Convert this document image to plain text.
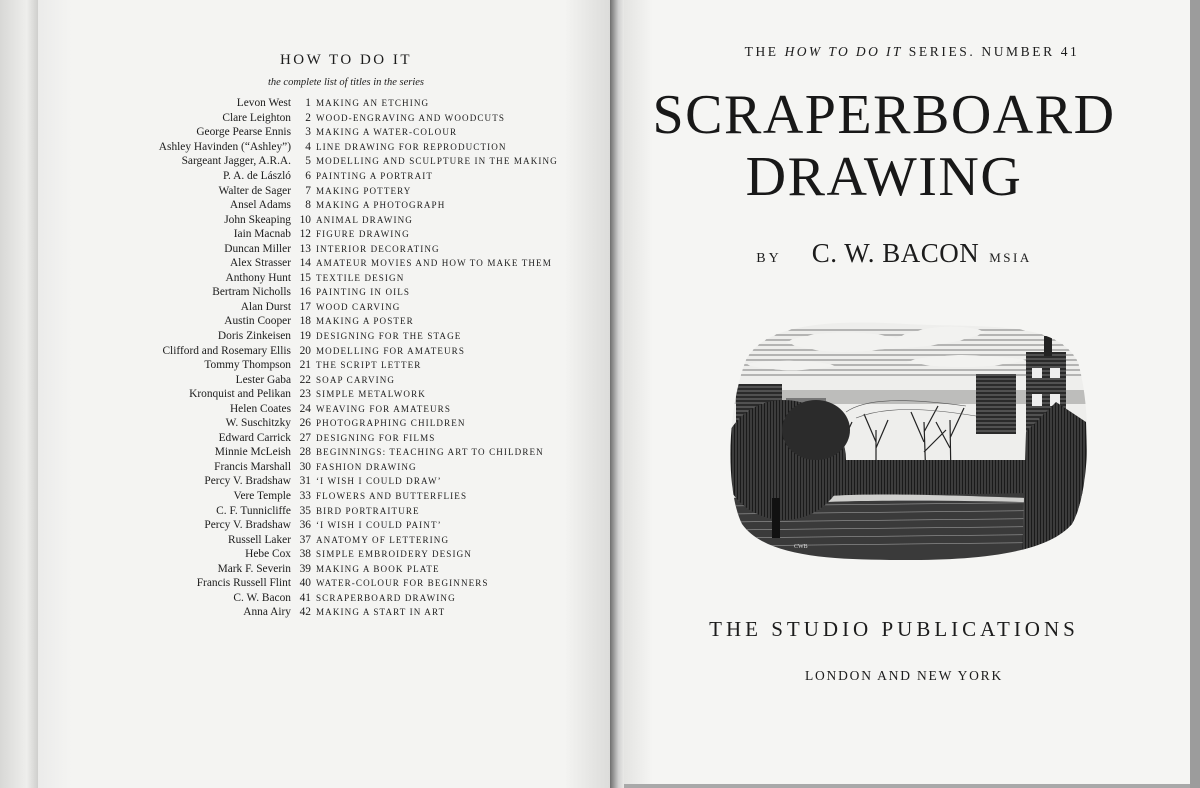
HOW TO DO IT
the complete list of titles in the series
Levon West	1 MAKING AN ETCHING
Clare Leighton	2 WOOD-ENGRAVING AND WOODCUTS
George Pearse Ennis	3 MAKING A WATER-COLOUR
Ashley Havinden (“Ashley”)	4 LINE DRAWING FOR REPRODUCTION
Sargeant Jagger, A.R.A.	5 MODELLING AND SCULPTURE IN THE MAKING
P. A. de László	6 PAINTING A PORTRAIT
Walter de Sager	7 MAKING POTTERY
Ansel Adams	8 MAKING A PHOTOGRAPH
John Skeaping 10 ANIMAL DRAWING
Iain Macnab 12 FIGURE DRAWING
Duncan Miller 13 INTERIOR DECORATING
Alex Strasser 14 AMATEUR MOVIES AND HOW TO MAKE THEM
Anthony Hunt 15 TEXTILE DESIGN
Bertram Nicholls 16 PAINTING IN OILS
Alan Durst 17 WOOD CARVING
Austin Cooper 18 MAKING A POSTER
Doris Zinkeisen 19 DESIGNING FOR THE STAGE
Clifford and Rosemary Ellis 20 MODELLING FOR AMATEURS
Tommy Thompson 21 THE SCRIPT LETTER
Lester Gaba 22 SOAP CARVING
Kronquist and Pelikan 23 SIMPLE METALWORK
Helen Coates 24 WEAVING FOR AMATEURS
W. Suschitzky 26 PHOTOGRAPHING CHILDREN
Edward Carrick 27 DESIGNING FOR FILMS
Minnie McLeish 28 BEGINNINGS: TEACHING ART TO CHILDREN
Francis Marshall 30 FASHION DRAWING
Percy V. Bradshaw 31 ‘I WISH I COULD DRAW’
Vere Temple 33 FLOWERS AND BUTTERFLIES
C. F. Tunnicliffe 35 BIRD PORTRAITURE
Percy V. Bradshaw 36 ‘I WISH I COULD PAINT’
Russell Laker 37 ANATOMY OF LETTERING
Hebe Cox 38 SIMPLE EMBROIDERY DESIGN
Mark F. Severin 39 MAKING A BOOK PLATE
Francis Russell Flint 40 WATER-COLOUR FOR BEGINNERS
C. W. Bacon 41 SCRAPERBOARD DRAWING
Anna Airy 42 MAKING A START IN ART
THE HOW TO DO IT SERIES. NUMBER 41
SCRAPERBOARD
DRAWING
BY C. W. BACON MSIA
CWB
THE STUDIO PUBLICATIONS
LONDON AND NEW YORK
